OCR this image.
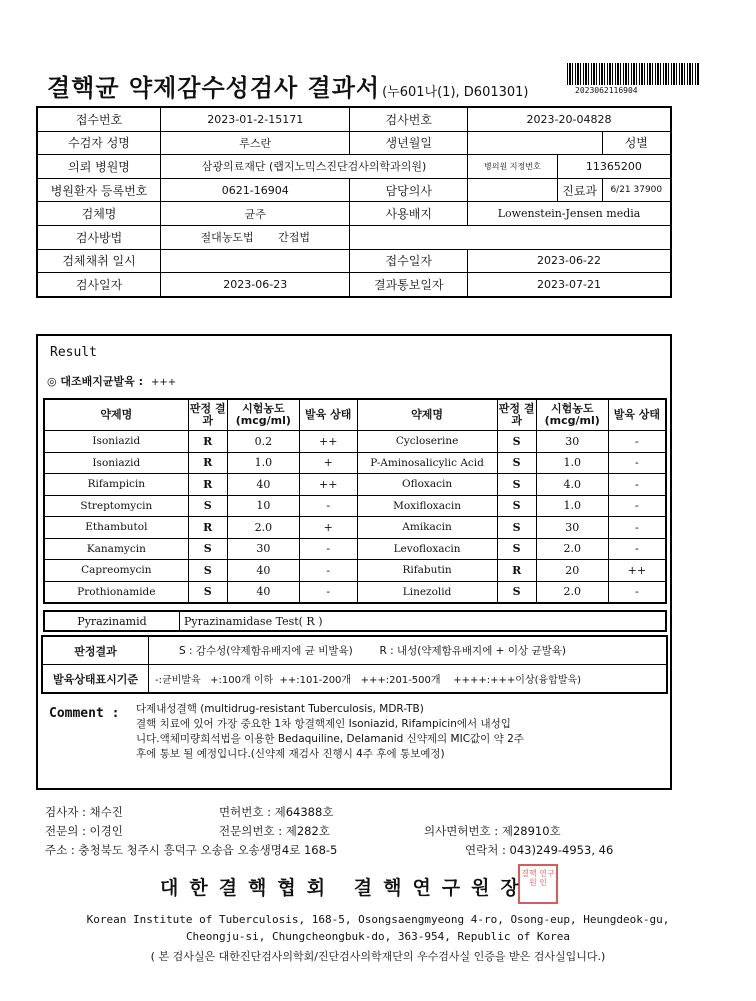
결핵균 약제감수성검사 결과서 (누601나(1), D601301)	2023062116904
접수번호	2023-01-2-15171	검사번호	2023-20-04828		
수검자 성명	루스란	생년월일			성별
의뢰 병원명	삼광의료재단 (랩지노믹스진단검사의학과의원)		병의원 지정번호	11365200	
병원환자 등록번호	0621-16904	담당의사		진료과	6/21 37900
검체명	균주	사용배지	Lowenstein-Jensen media		
검사방법	절대농도법 간접법				
검체채취 일시		접수일자	2023-06-22		
검사일자	2023-06-23	결과통보일자	2023-07-21		
Result
◎ 대조배지균발육 : +++
약제명	판정 결과	시험농도 (mcg/ml)	발육 상태	약제명	판정 결과	시험농도 (mcg/ml)	발육 상태
Isoniazid	R	0.2	++	Cycloserine	S	30	-
Isoniazid	R	1.0	+	P-Aminosalicylic Acid	S	1.0	-
Rifampicin	R	40	++	Ofloxacin	S	4.0	-
Streptomycin	S	10	-	Moxifloxacin	S	1.0	-
Ethambutol	R	2.0	+	Amikacin	S	30	-
Kanamycin	S	30	-	Levofloxacin	S	2.0	-
Capreomycin	S	40	-	Rifabutin	R	20	++
Prothionamide	S	40	-	Linezolid	S	2.0	-
Pyrazinamid	Pyrazinamidase Test( R )
판정결과	S : 감수성(약제함유배지에 균 비발육) R : 내성(약제함유배지에 + 이상 균발육)
발육상태표시기준	-:균비발육   +:100개 이하  ++:101-200개   +++:201-500개    ++++:+++이상(융합발육)
Comment : 다제내성결핵 (multidrug-resistant Tuberculosis, MDR-TB)
결핵 치료에 있어 가장 중요한 1차 항결핵제인 Isoniazid, Rifampicin에서 내성입
니다.액체미량희석법을 이용한 Bedaquiline, Delamanid 신약제의 MIC값이 약 2주
후에 통보 될 예정입니다.(신약제 재검사 진행시 4주 후에 통보예정)
검사자 : 채수진	면허번호 : 제64388호
전문의 : 이경인	전문의번호 : 제282호	의사면허번호 : 제28910호
주소 : 충청북도 청주시 흥덕구 오송읍 오송생명4로 168-5	연락처 : 043)249-4953, 46
대한결핵협회 결핵연구원장
결핵 연구원 인
Korean Institute of Tuberculosis, 168-5, Osongsaengmyeong 4-ro, Osong-eup, Heungdeok-gu,
Cheongju-si, Chungcheongbuk-do, 363-954, Republic of Korea
( 본 검사실은 대한진단검사의학회/진단검사의학재단의 우수검사실 인증을 받은 검사실입니다.)
